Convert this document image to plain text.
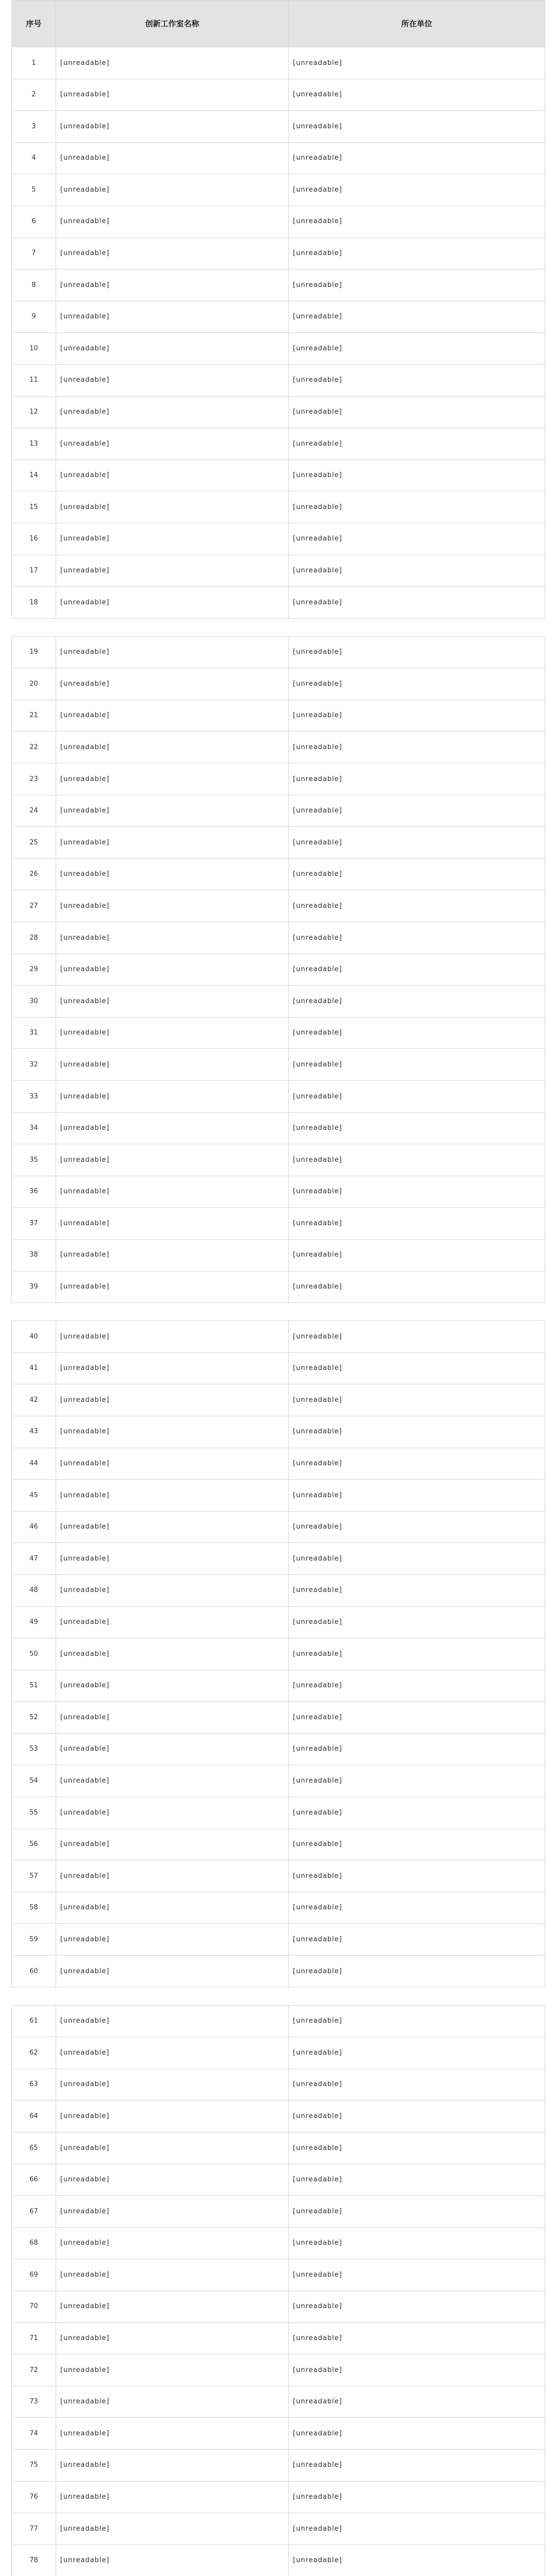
序号	创新工作室名称	所在单位
1	[unreadable]	[unreadable]
2	[unreadable]	[unreadable]
3	[unreadable]	[unreadable]
4	[unreadable]	[unreadable]
5	[unreadable]	[unreadable]
6	[unreadable]	[unreadable]
7	[unreadable]	[unreadable]
8	[unreadable]	[unreadable]
9	[unreadable]	[unreadable]
10	[unreadable]	[unreadable]
11	[unreadable]	[unreadable]
12	[unreadable]	[unreadable]
13	[unreadable]	[unreadable]
14	[unreadable]	[unreadable]
15	[unreadable]	[unreadable]
16	[unreadable]	[unreadable]
17	[unreadable]	[unreadable]
18	[unreadable]	[unreadable]

19	[unreadable]	[unreadable]
20	[unreadable]	[unreadable]
21	[unreadable]	[unreadable]
22	[unreadable]	[unreadable]
23	[unreadable]	[unreadable]
24	[unreadable]	[unreadable]
25	[unreadable]	[unreadable]
26	[unreadable]	[unreadable]
27	[unreadable]	[unreadable]
28	[unreadable]	[unreadable]
29	[unreadable]	[unreadable]
30	[unreadable]	[unreadable]
31	[unreadable]	[unreadable]
32	[unreadable]	[unreadable]
33	[unreadable]	[unreadable]
34	[unreadable]	[unreadable]
35	[unreadable]	[unreadable]
36	[unreadable]	[unreadable]
37	[unreadable]	[unreadable]
38	[unreadable]	[unreadable]
39	[unreadable]	[unreadable]

40	[unreadable]	[unreadable]
41	[unreadable]	[unreadable]
42	[unreadable]	[unreadable]
43	[unreadable]	[unreadable]
44	[unreadable]	[unreadable]
45	[unreadable]	[unreadable]
46	[unreadable]	[unreadable]
47	[unreadable]	[unreadable]
48	[unreadable]	[unreadable]
49	[unreadable]	[unreadable]
50	[unreadable]	[unreadable]
51	[unreadable]	[unreadable]
52	[unreadable]	[unreadable]
53	[unreadable]	[unreadable]
54	[unreadable]	[unreadable]
55	[unreadable]	[unreadable]
56	[unreadable]	[unreadable]
57	[unreadable]	[unreadable]
58	[unreadable]	[unreadable]
59	[unreadable]	[unreadable]
60	[unreadable]	[unreadable]

61	[unreadable]	[unreadable]
62	[unreadable]	[unreadable]
63	[unreadable]	[unreadable]
64	[unreadable]	[unreadable]
65	[unreadable]	[unreadable]
66	[unreadable]	[unreadable]
67	[unreadable]	[unreadable]
68	[unreadable]	[unreadable]
69	[unreadable]	[unreadable]
70	[unreadable]	[unreadable]
71	[unreadable]	[unreadable]
72	[unreadable]	[unreadable]
73	[unreadable]	[unreadable]
74	[unreadable]	[unreadable]
75	[unreadable]	[unreadable]
76	[unreadable]	[unreadable]
77	[unreadable]	[unreadable]
78	[unreadable]	[unreadable]
